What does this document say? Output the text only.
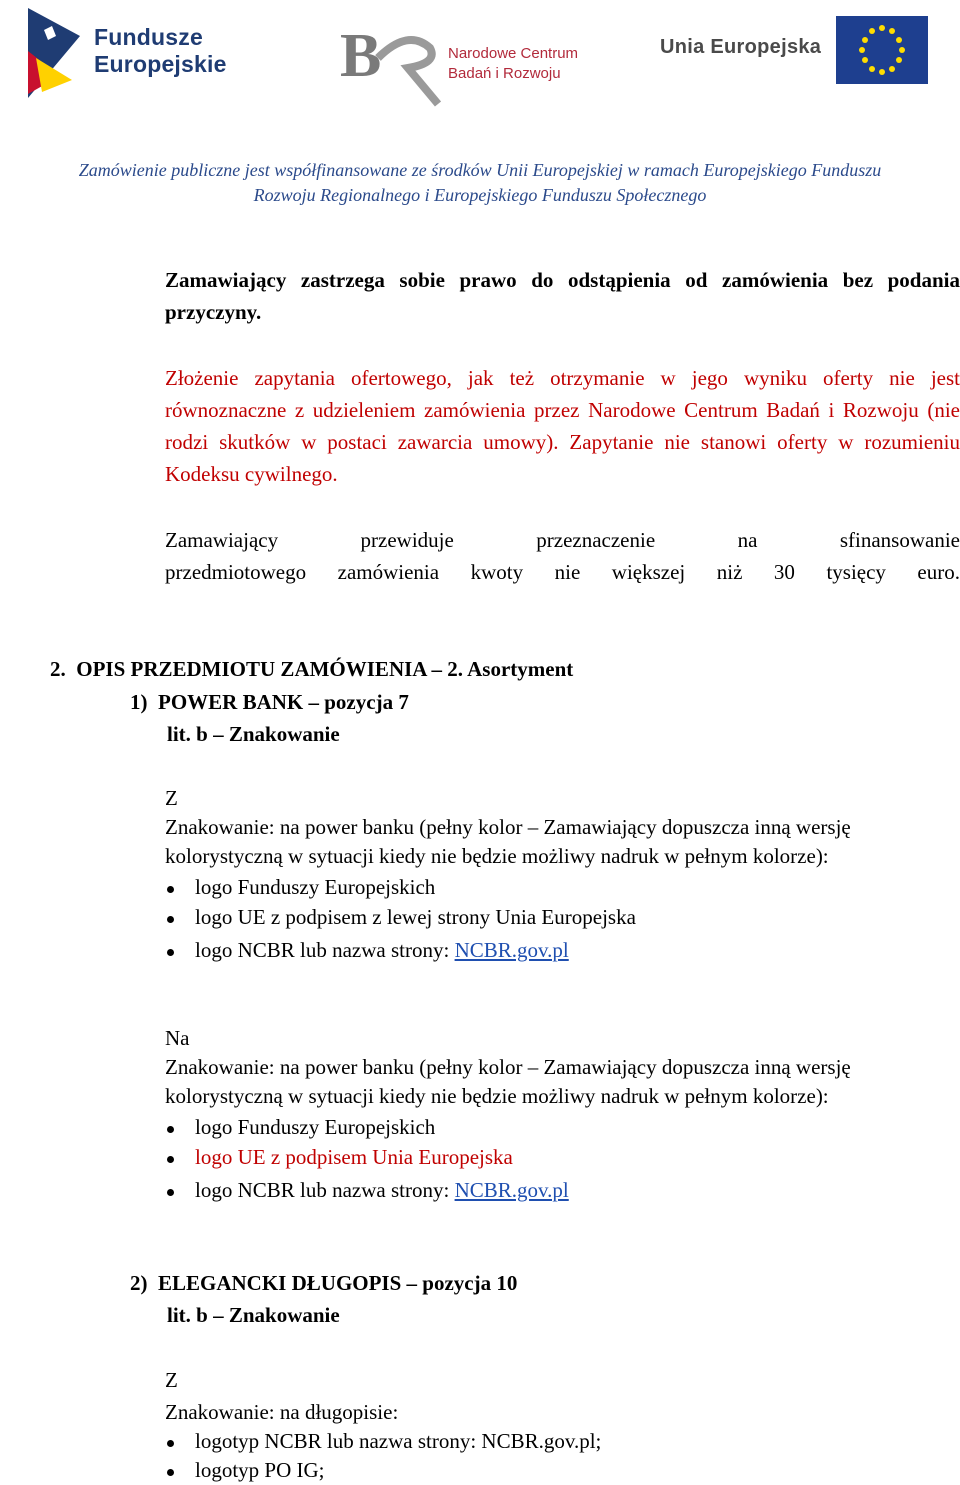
Fundusze
Europejskie B	Narodowe Centrum
Badań i Rozwoju
Unia Europejska
Zamówienie publiczne jest współfinansowane ze środków Unii Europejskiej w ramach Europejskiego Funduszu
Rozwoju Regionalnego i Europejskiego Funduszu Społecznego
Zamawiający zastrzega sobie prawo do odstąpienia od zamówienia bez podania przyczyny.
Złożenie zapytania ofertowego, jak też otrzymanie w jego wyniku oferty nie jest równoznaczne z udzieleniem zamówienia przez Narodowe Centrum Badań i Rozwoju (nie rodzi skutków w postaci zawarcia umowy). Zapytanie nie stanowi oferty w rozumieniu Kodeksu cywilnego.
Zamawiający przewiduje przeznaczenie na sfinansowanie
przedmiotowego zamówienia kwoty nie większej niż 30 tysięcy euro.
2.  OPIS PRZEDMIOTU ZAMÓWIENIA – 2. Asortyment
1)  POWER BANK – pozycja 7
lit. b – Znakowanie
Z
Znakowanie: na power banku (pełny kolor – Zamawiający dopuszcza inną wersję kolorystyczną w sytuacji kiedy nie będzie możliwy nadruk w pełnym kolorze):
logo Funduszy Europejskich
logo UE z podpisem z lewej strony Unia Europejska
logo NCBR lub nazwa strony: NCBR.gov.pl
Na
Znakowanie: na power banku (pełny kolor – Zamawiający dopuszcza inną wersję kolorystyczną w sytuacji kiedy nie będzie możliwy nadruk w pełnym kolorze):
logo Funduszy Europejskich
logo UE z podpisem Unia Europejska
logo NCBR lub nazwa strony: NCBR.gov.pl
2)  ELEGANCKI DŁUGOPIS – pozycja 10
lit. b – Znakowanie
Z
Znakowanie: na długopisie:
logotyp NCBR lub nazwa strony: NCBR.gov.pl;
logotyp PO IG;
